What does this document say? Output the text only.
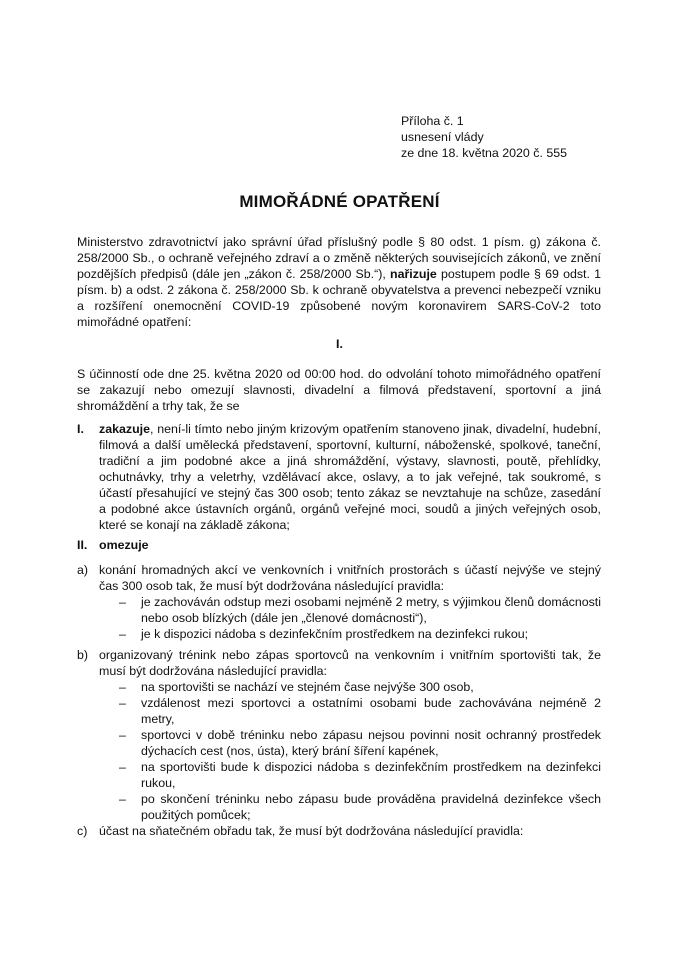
Příloha č. 1
usnesení vlády
ze dne 18. května 2020 č. 555
MIMOŘÁDNÉ OPATŘENÍ
Ministerstvo zdravotnictví jako správní úřad příslušný podle § 80 odst. 1 písm. g) zákona č. 258/2000 Sb., o ochraně veřejného zdraví a o změně některých souvisejících zákonů, ve znění pozdějších předpisů (dále jen „zákon č. 258/2000 Sb.“), nařizuje postupem podle § 69 odst. 1 písm. b) a odst. 2 zákona č. 258/2000 Sb. k ochraně obyvatelstva a prevenci nebezpečí vzniku a rozšíření onemocnění COVID-19 způsobené novým koronavirem SARS-CoV-2 toto mimořádné opatření:
I.
S účinností ode dne 25. května 2020 od 00:00 hod. do odvolání tohoto mimořádného opatření se zakazují nebo omezují slavnosti, divadelní a filmová představení, sportovní a jiná shromáždění a trhy tak, že se
I. zakazuje, není-li tímto nebo jiným krizovým opatřením stanoveno jinak, divadelní, hudební, filmová a další umělecká představení, sportovní, kulturní, náboženské, spolkové, taneční, tradiční a jim podobné akce a jiná shromáždění, výstavy, slavnosti, poutě, přehlídky, ochutnávky, trhy a veletrhy, vzdělávací akce, oslavy, a to jak veřejné, tak soukromé, s účastí přesahující ve stejný čas 300 osob; tento zákaz se nevztahuje na schůze, zasedání a podobné akce ústavních orgánů, orgánů veřejné moci, soudů a jiných veřejných osob, které se konají na základě zákona;
II. omezuje
a) konání hromadných akcí ve venkovních i vnitřních prostorách s účastí nejvýše ve stejný čas 300 osob tak, že musí být dodržována následující pravidla:
– je zachováván odstup mezi osobami nejméně 2 metry, s výjimkou členů domácnosti nebo osob blízkých (dále jen „členové domácnosti“),
– je k dispozici nádoba s dezinfekčním prostředkem na dezinfekci rukou;
b) organizovaný trénink nebo zápas sportovců na venkovním i vnitřním sportovišti tak, že musí být dodržována následující pravidla:
– na sportovišti se nachází ve stejném čase nejvýše 300 osob,
– vzdálenost mezi sportovci a ostatními osobami bude zachovávána nejméně 2 metry,
– sportovci v době tréninku nebo zápasu nejsou povinni nosit ochranný prostředek dýchacích cest (nos, ústa), který brání šíření kapének,
– na sportovišti bude k dispozici nádoba s dezinfekčním prostředkem na dezinfekci rukou,
– po skončení tréninku nebo zápasu bude prováděna pravidelná dezinfekce všech použitých pomůcek;
c) účast na sňatečném obřadu tak, že musí být dodržována následující pravidla:
